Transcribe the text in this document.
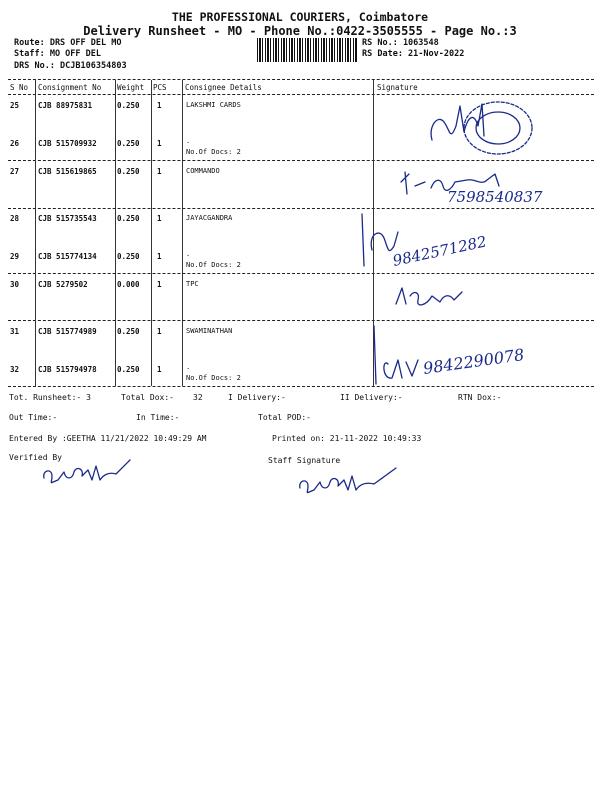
THE PROFESSIONAL COURIERS, Coimbatore
Delivery Runsheet - MO - Phone No.:0422-3505555 - Page No.:3
Route: DRS OFF DEL MO
Staff: MO OFF DEL
DRS No.: DCJB106354803
RS No.: 1063548
RS Date: 21-Nov-2022
S No Consignment No Weight PCS Consignee Details	Signature
25	CJB 88975831	0.250 1	LAKSHMI CARDS
26	CJB 515709932	0.250 1	.
No.Of Docs: 2
27	CJB 515619865	0.250 1	COMMANDO
28	CJB 515735543	0.250 1	JAYACGANDRA
29	CJB 515774134	0.250 1	.
No.Of Docs: 2
30	CJB 5279502	0.000 1	TPC
31	CJB 515774989	0.250 1	SWAMINATHAN
32	CJB 515794978	0.250 1	.
No.Of Docs: 2
7598540837
9842571282
9842290078
Tot. Runsheet:- 3	Total Dox:- 32	I Delivery:-	II Delivery:-	RTN Dox:-
Out Time:-	In Time:-	Total POD:-
Entered By :GEETHA 11/21/2022 10:49:29 AM	Printed on: 21-11-2022 10:49:33
Verified By	Staff Signature
